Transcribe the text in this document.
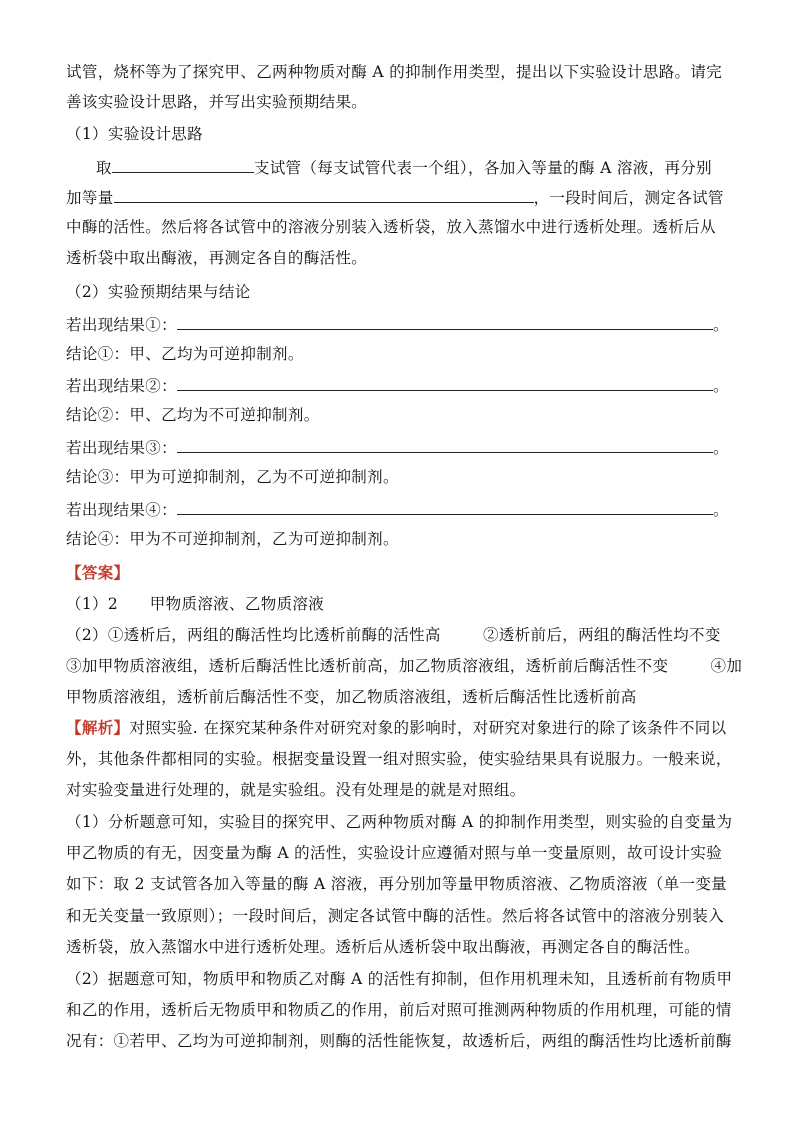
试管，烧杯等为了探究甲、乙两种物质对酶 A 的抑制作用类型，提出以下实验设计思路。请完
善该实验设计思路，并写出实验预期结果。
（1）实验设计思路
取	支试管（每支试管代表一个组），各加入等量的酶 A 溶液，再分别
加等量	，一段时间后，测定各试管
中酶的活性。然后将各试管中的溶液分别装入透析袋，放入蒸馏水中进行透析处理。透析后从
透析袋中取出酶液，再测定各自的酶活性。
（2）实验预期结果与结论
若出现结果①：	。
结论①：甲、乙均为可逆抑制剂。
若出现结果②：	。
结论②：甲、乙均为不可逆抑制剂。
若出现结果③：	。
结论③：甲为可逆抑制剂，乙为不可逆抑制剂。
若出现结果④：	。
结论④：甲为不可逆抑制剂，乙为可逆抑制剂。
【答案】
（1）2      甲物质溶液、乙物质溶液
（2）①透析后，两组的酶活性均比透析前酶的活性高        ②透析前后，两组的酶活性均不变
③加甲物质溶液组，透析后酶活性比透析前高，加乙物质溶液组，透析前后酶活性不变        ④加
甲物质溶液组，透析前后酶活性不变，加乙物质溶液组，透析后酶活性比透析前高
【解析】对照实验. 在探究某种条件对研究对象的影响时，对研究对象进行的除了该条件不同以
外，其他条件都相同的实验。根据变量设置一组对照实验，使实验结果具有说服力。一般来说，
对实验变量进行处理的，就是实验组。没有处理是的就是对照组。
（1）分析题意可知，实验目的探究甲、乙两种物质对酶 A 的抑制作用类型，则实验的自变量为
甲乙物质的有无，因变量为酶 A 的活性，实验设计应遵循对照与单一变量原则，故可设计实验
如下：取 2 支试管各加入等量的酶 A 溶液，再分别加等量甲物质溶液、乙物质溶液（单一变量
和无关变量一致原则）；一段时间后，测定各试管中酶的活性。然后将各试管中的溶液分别装入
透析袋，放入蒸馏水中进行透析处理。透析后从透析袋中取出酶液，再测定各自的酶活性。
（2）据题意可知，物质甲和物质乙对酶 A 的活性有抑制，但作用机理未知，且透析前有物质甲
和乙的作用，透析后无物质甲和物质乙的作用，前后对照可推测两种物质的作用机理，可能的情
况有：①若甲、乙均为可逆抑制剂，则酶的活性能恢复，故透析后，两组的酶活性均比透析前酶
